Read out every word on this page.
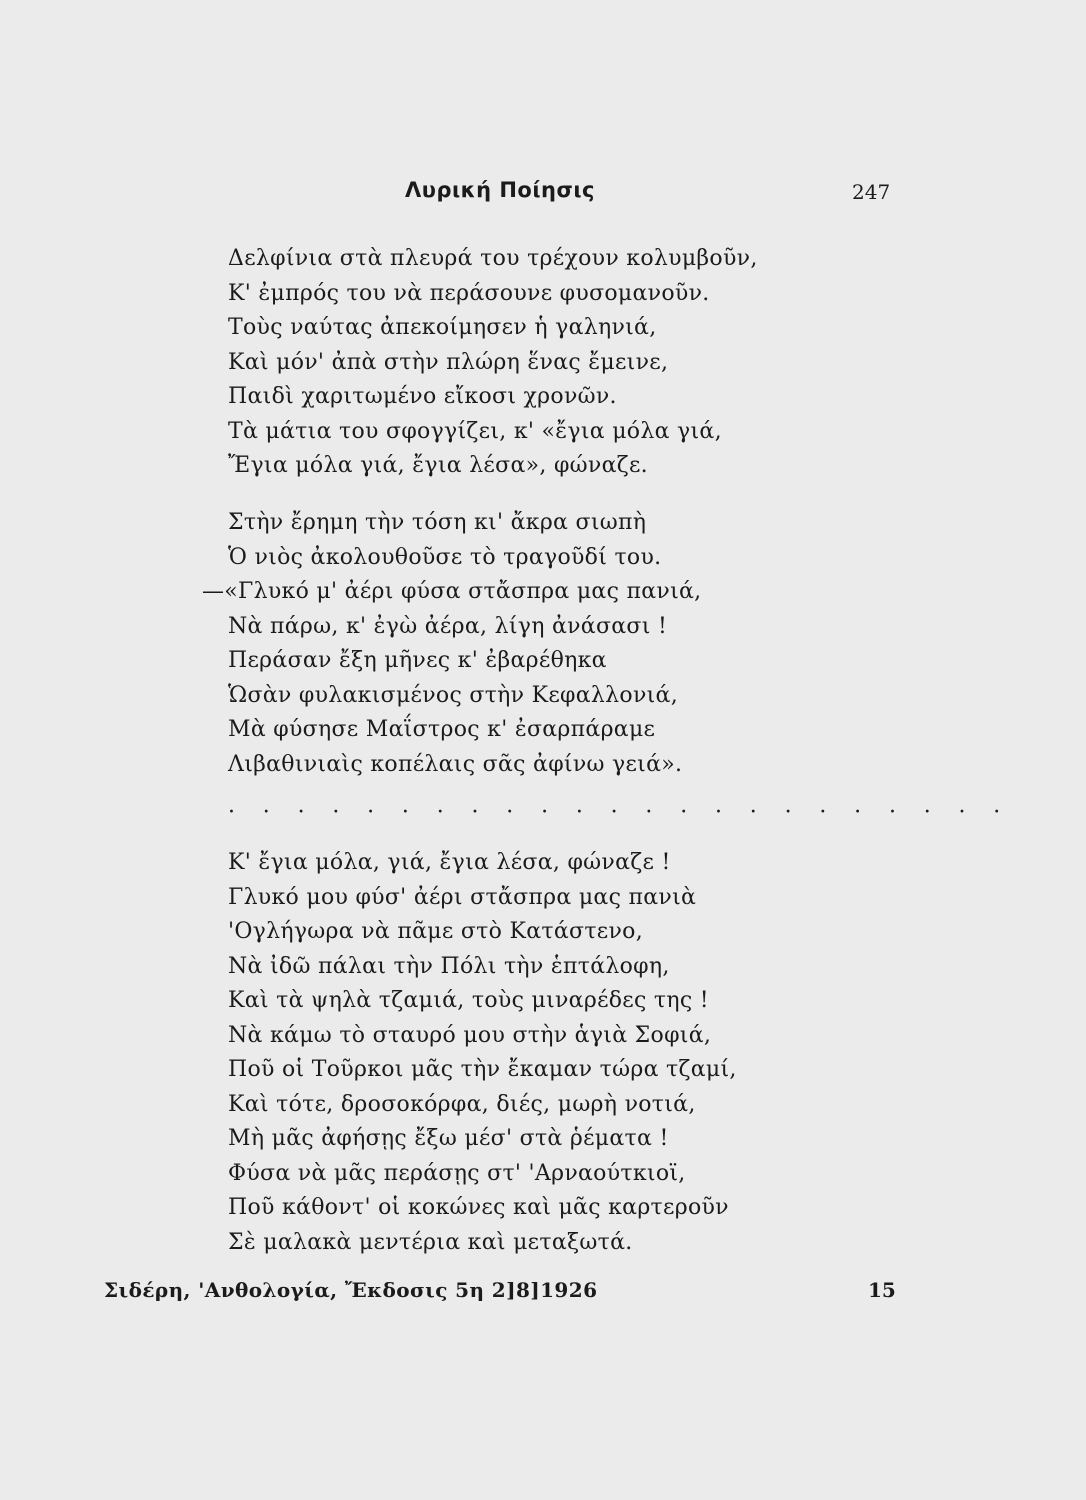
Λυρική Ποίησις	247
Δελφίνια στὰ πλευρά του τρέχουν κολυμβοῦν,
Κ' ἐμπρός του νὰ περάσουνε φυσομανοῦν.
Τοὺς ναύτας ἀπεκοίμησεν ἡ γαληνιά,
Καὶ μόν' ἀπὰ στὴν πλώρη ἕνας ἔμεινε,
Παιδὶ χαριτωμένο εἴκοσι χρονῶν.
Τὰ μάτια του σφογγίζει, κ' «ἔγια μόλα γιά,
Ἔγια μόλα γιά, ἔγια λέσα», φώναζε.
Στὴν ἔρημη τὴν τόση κι' ἄκρα σιωπὴ
Ὁ νιὸς ἀκολουθοῦσε τὸ τραγοῦδί του.
—«Γλυκό μ' ἀέρι φύσα στἄσπρα μας πανιά,
Νὰ πάρω, κ' ἐγὼ ἀέρα, λίγη ἀνάσασι !
Περάσαν ἔξη μῆνες κ' ἐβαρέθηκα
Ὡσὰν φυλακισμένος στὴν Κεφαλλονιά,
Μὰ φύσησε Μαΐστρος κ' ἐσαρπάραμε
Λιβαθινιαὶς κοπέλαις σᾶς ἀφίνω γειά».
· · · · · · · · · · · · · · · · · · · · · · ·
Κ' ἔγια μόλα, γιά, ἔγια λέσα, φώναζε !
Γλυκό μου φύσ' ἀέρι στἄσπρα μας πανιὰ
'Ογλήγωρα νὰ πᾶμε στὸ Κατάστενο,
Νὰ ἰδῶ πάλαι τὴν Πόλι τὴν ἑπτάλοφη,
Καὶ τὰ ψηλὰ τζαμιά, τοὺς μιναρέδες της !
Νὰ κάμω τὸ σταυρό μου στὴν ἁγιὰ Σοφιά,
Ποῦ οἱ Τοῦρκοι μᾶς τὴν ἔκαμαν τώρα τζαμί,
Καὶ τότε, δροσοκόρφα, διές, μωρὴ νοτιά,
Μὴ μᾶς ἀφήσῃς ἔξω μέσ' στὰ ῥέματα !
Φύσα νὰ μᾶς περάσῃς στ' 'Αρναούτκιοϊ,
Ποῦ κάθοντ' οἱ κοκώνες καὶ μᾶς καρτεροῦν
Σὲ μαλακὰ μεντέρια καὶ μεταξωτά.
Σιδέρη, 'Ανθολογία, Ἔκδοσις 5η 2]8]1926	15
